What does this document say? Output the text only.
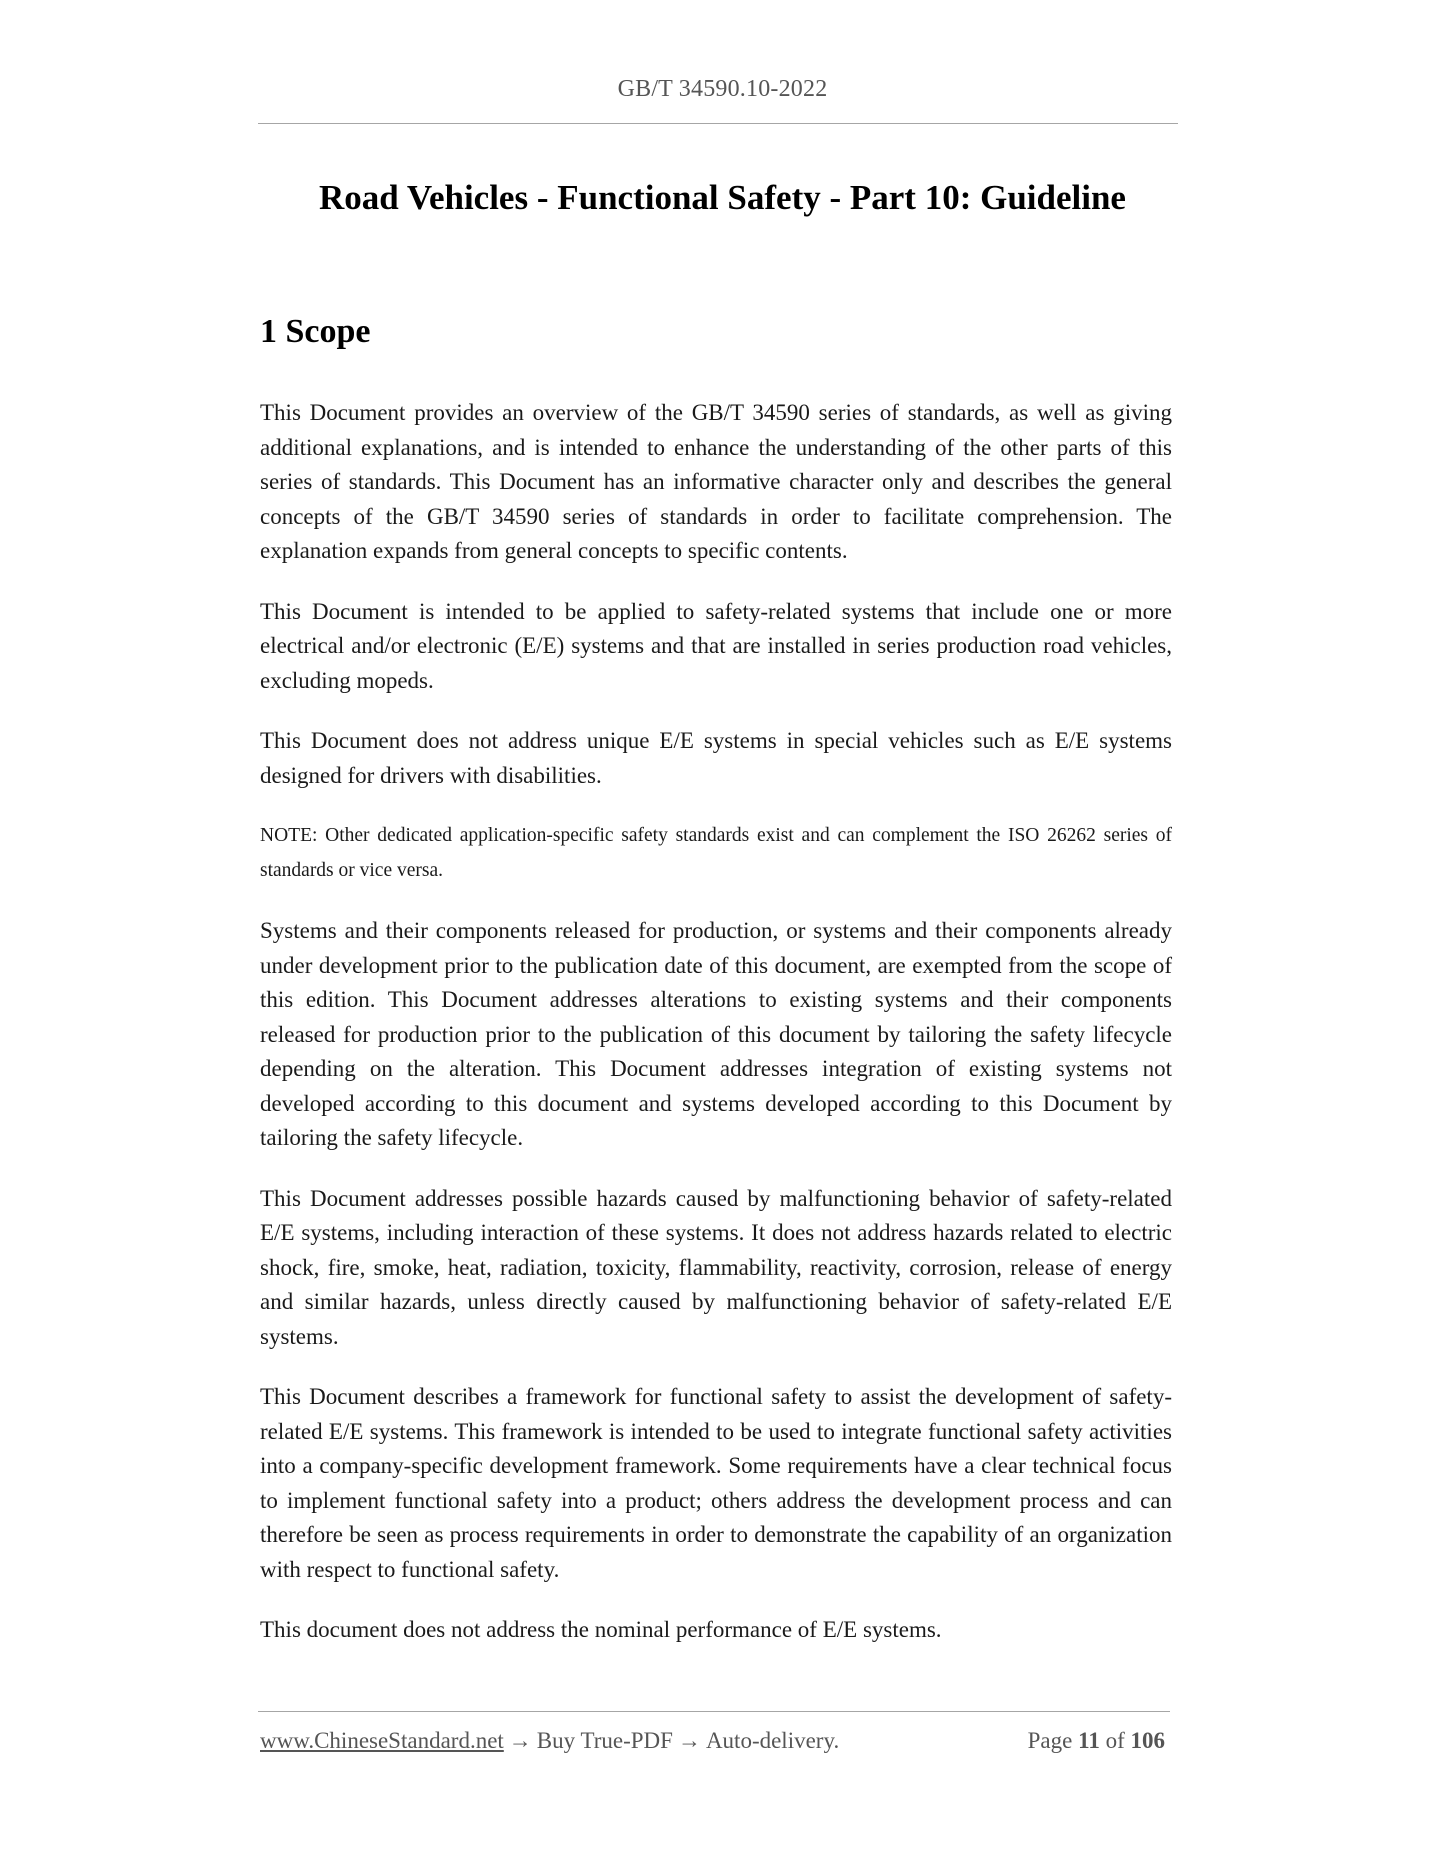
GB/T 34590.10-2022
Road Vehicles - Functional Safety - Part 10: Guideline
1 Scope

This Document provides an overview of the GB/T 34590 series of standards, as well as giving additional explanations, and is intended to enhance the understanding of the other parts of this series of standards. This Document has an informative character only and describes the general concepts of the GB/T 34590 series of standards in order to facilitate comprehension. The explanation expands from general concepts to specific contents.

This Document is intended to be applied to safety-related systems that include one or more electrical and/or electronic (E/E) systems and that are installed in series production road vehicles, excluding mopeds.

This Document does not address unique E/E systems in special vehicles such as E/E systems designed for drivers with disabilities.

NOTE: Other dedicated application-specific safety standards exist and can complement the ISO 26262 series of standards or vice versa.

Systems and their components released for production, or systems and their components already under development prior to the publication date of this document, are exempted from the scope of this edition. This Document addresses alterations to existing systems and their components released for production prior to the publication of this document by tailoring the safety lifecycle depending on the alteration. This Document addresses integration of existing systems not developed according to this document and systems developed according to this Document by tailoring the safety lifecycle.

This Document addresses possible hazards caused by malfunctioning behavior of safety-related E/E systems, including interaction of these systems. It does not address hazards related to electric shock, fire, smoke, heat, radiation, toxicity, flammability, reactivity, corrosion, release of energy and similar hazards, unless directly caused by malfunctioning behavior of safety-related E/E systems.

This Document describes a framework for functional safety to assist the development of safety-related E/E systems. This framework is intended to be used to integrate functional safety activities into a company-specific development framework. Some requirements have a clear technical focus to implement functional safety into a product; others address the development process and can therefore be seen as process requirements in order to demonstrate the capability of an organization with respect to functional safety.

This document does not address the nominal performance of E/E systems.

www.ChineseStandard.net → Buy True-PDF → Auto-delivery.	Page 11 of 106
